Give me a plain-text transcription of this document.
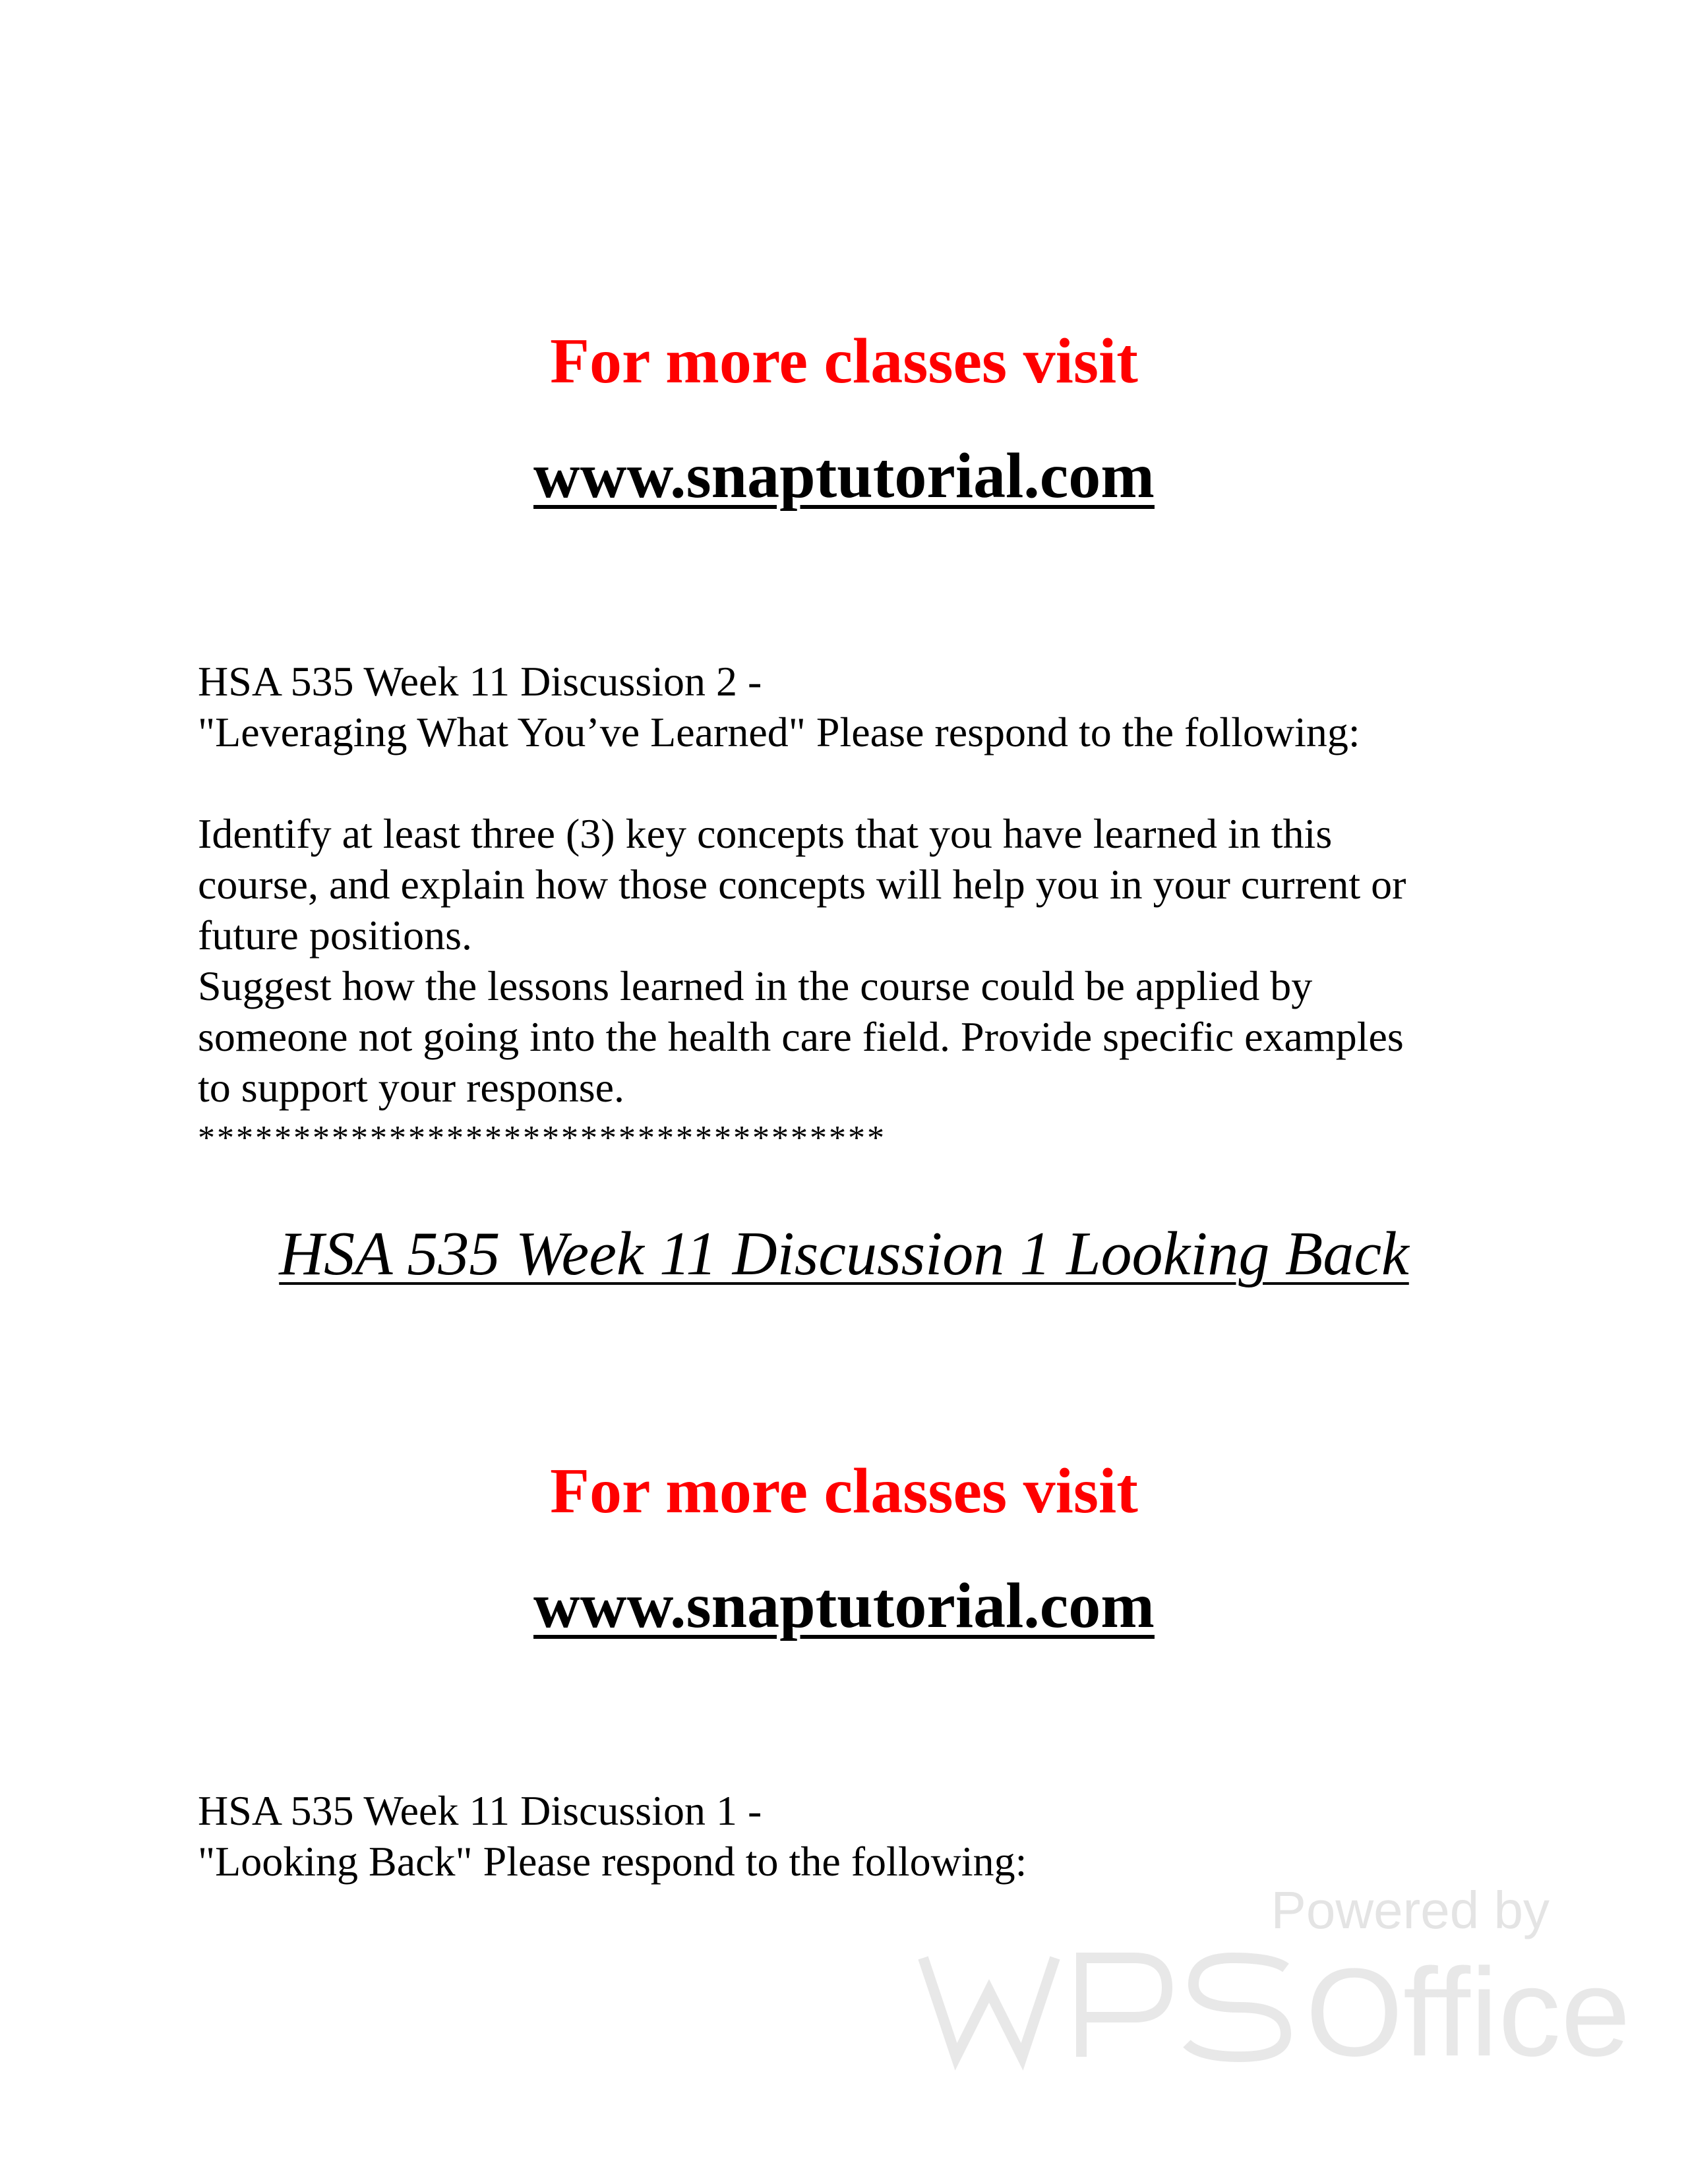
For more classes visit
www.snaptutorial.com

HSA 535 Week 11 Discussion 2 -

"Leveraging What You’ve Learned" Please respond to the following:

Identify at least three (3) key concepts that you have learned in this

course, and explain how those concepts will help you in your current or

future positions.

Suggest how the lessons learned in the course could be applied by

someone not going into the health care field. Provide specific examples

to support your response.

************************************

HSA 535 Week 11 Discussion 1 Looking Back
For more classes visit
www.snaptutorial.com

HSA 535 Week 11 Discussion 1 -

"Looking Back" Please respond to the following:

Powered by
Office
